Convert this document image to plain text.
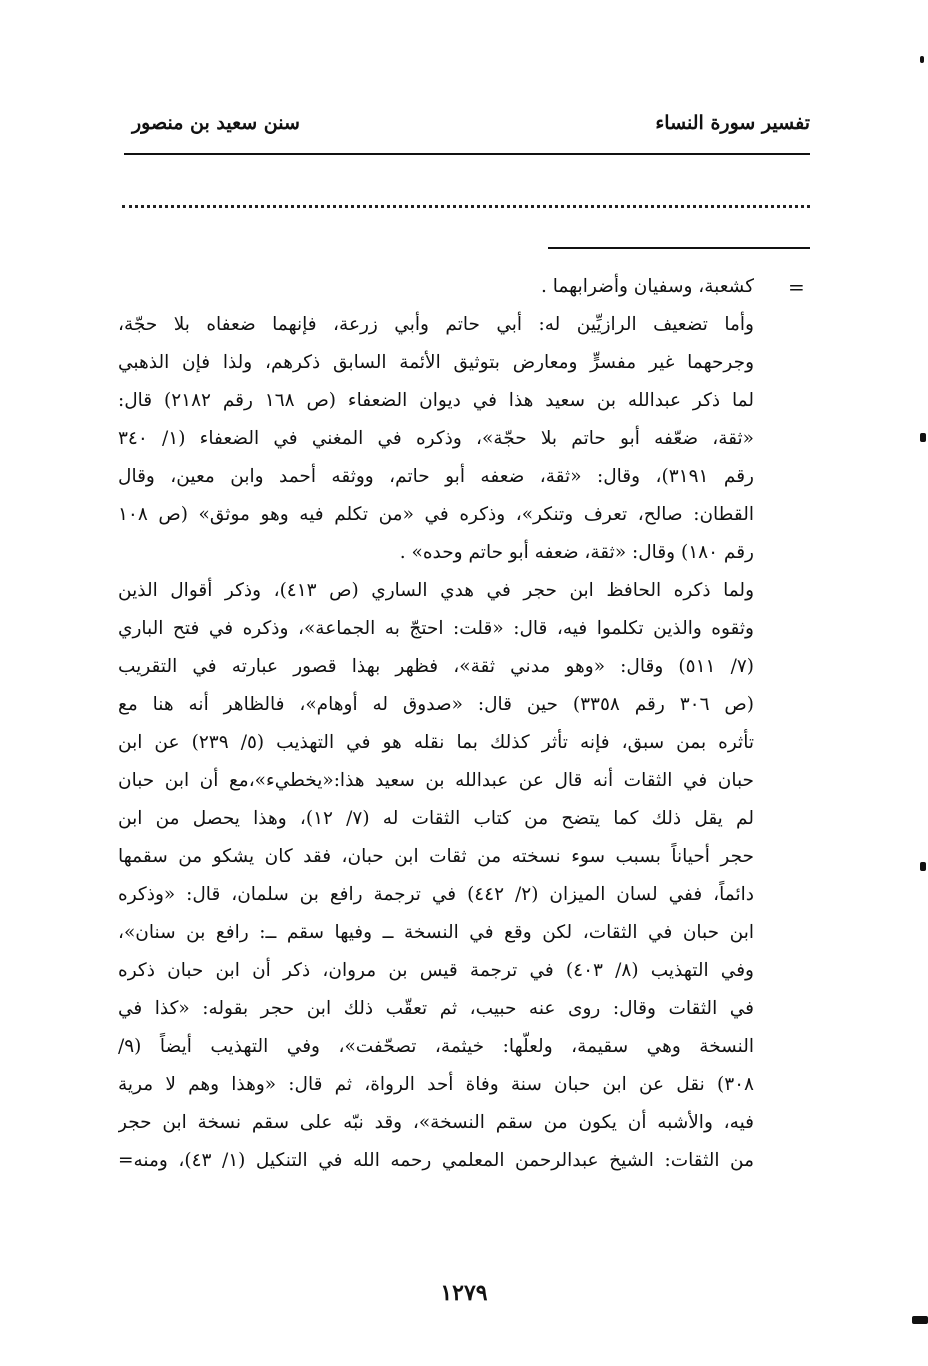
تفسير سورة النساء
سنن سعيد بن منصور
=
كشعبة، وسفيان وأضرابهما .
وأما تضعيف الرازيِّين له: أبي حاتم وأبي زرعة، فإنهما ضعفاه بلا حجّة،
وجرحهما غير مفسرٍّ ومعارض بتوثيق الأئمة السابق ذكرهم، ولذا فإن الذهبي
لما ذكر عبدالله بن سعيد هذا في ديوان الضعفاء (ص ١٦٨ رقم ٢١٨٢) قال:
«ثقة، ضعّفه أبو حاتم بلا حجّة»، وذكره في المغني في الضعفاء (١/ ٣٤٠
رقم ٣١٩١)، وقال: «ثقة، ضعفه أبو حاتم، ووثقه أحمد وابن معين، وقال
القطان: صالح، تعرف وتنكر»، وذكره في «من تكلم فيه وهو موثق» (ص ١٠٨
رقم ١٨٠) وقال: «ثقة، ضعفه أبو حاتم وحده» .
ولما ذكره الحافظ ابن حجر في هدي الساري (ص ٤١٣)، وذكر أقوال الذين
وثقوه والذين تكلموا فيه، قال: «قلت: احتجّ به الجماعة»، وذكره في فتح الباري
(٧/ ٥١١) وقال: «وهو مدني ثقة»، فظهر بهذا قصور عبارته في التقريب
(ص ٣٠٦ رقم ٣٣٥٨) حين قال: «صدوق له أوهام»، فالظاهر أنه هنا مع
تأثره بمن سبق، فإنه تأثر كذلك بما نقله هو في التهذيب (٥/ ٢٣٩) عن ابن
حبان في الثقات أنه قال عن عبدالله بن سعيد هذا:«يخطيء»،مع أن ابن حبان
لم يقل ذلك كما يتضح من كتاب الثقات له (٧/ ١٢)، وهذا يحصل من ابن
حجر أحياناً بسبب سوء نسخته من ثقات ابن حبان، فقد كان يشكو من سقمها
دائماً، ففي لسان الميزان (٢/ ٤٤٢) في ترجمة رافع بن سلمان، قال: «وذكره
ابن حبان في الثقات، لكن وقع في النسخة ــ وفيها سقم ــ: رافع بن سنان»،
وفي التهذيب (٨/ ٤٠٣) في ترجمة قيس بن مروان، ذكر أن ابن حبان ذكره
في الثقات وقال: روى عنه حبيب، ثم تعقّب ذلك ابن حجر بقوله: «كذا في
النسخة وهي سقيمة، ولعلّها: خيثمة، تصحّفت»، وفي التهذيب أيضاً (٩/
٣٠٨) نقل عن ابن حبان سنة وفاة أحد الرواة، ثم قال: «وهذا وهم لا مرية
فيه، والأشبه أن يكون من سقم النسخة»، وقد نبّه على سقم نسخة ابن حجر
من الثقات: الشيخ عبدالرحمن المعلمي رحمه الله في التنكيل (١/ ٤٣)، ومنه=
١٢٧٩
